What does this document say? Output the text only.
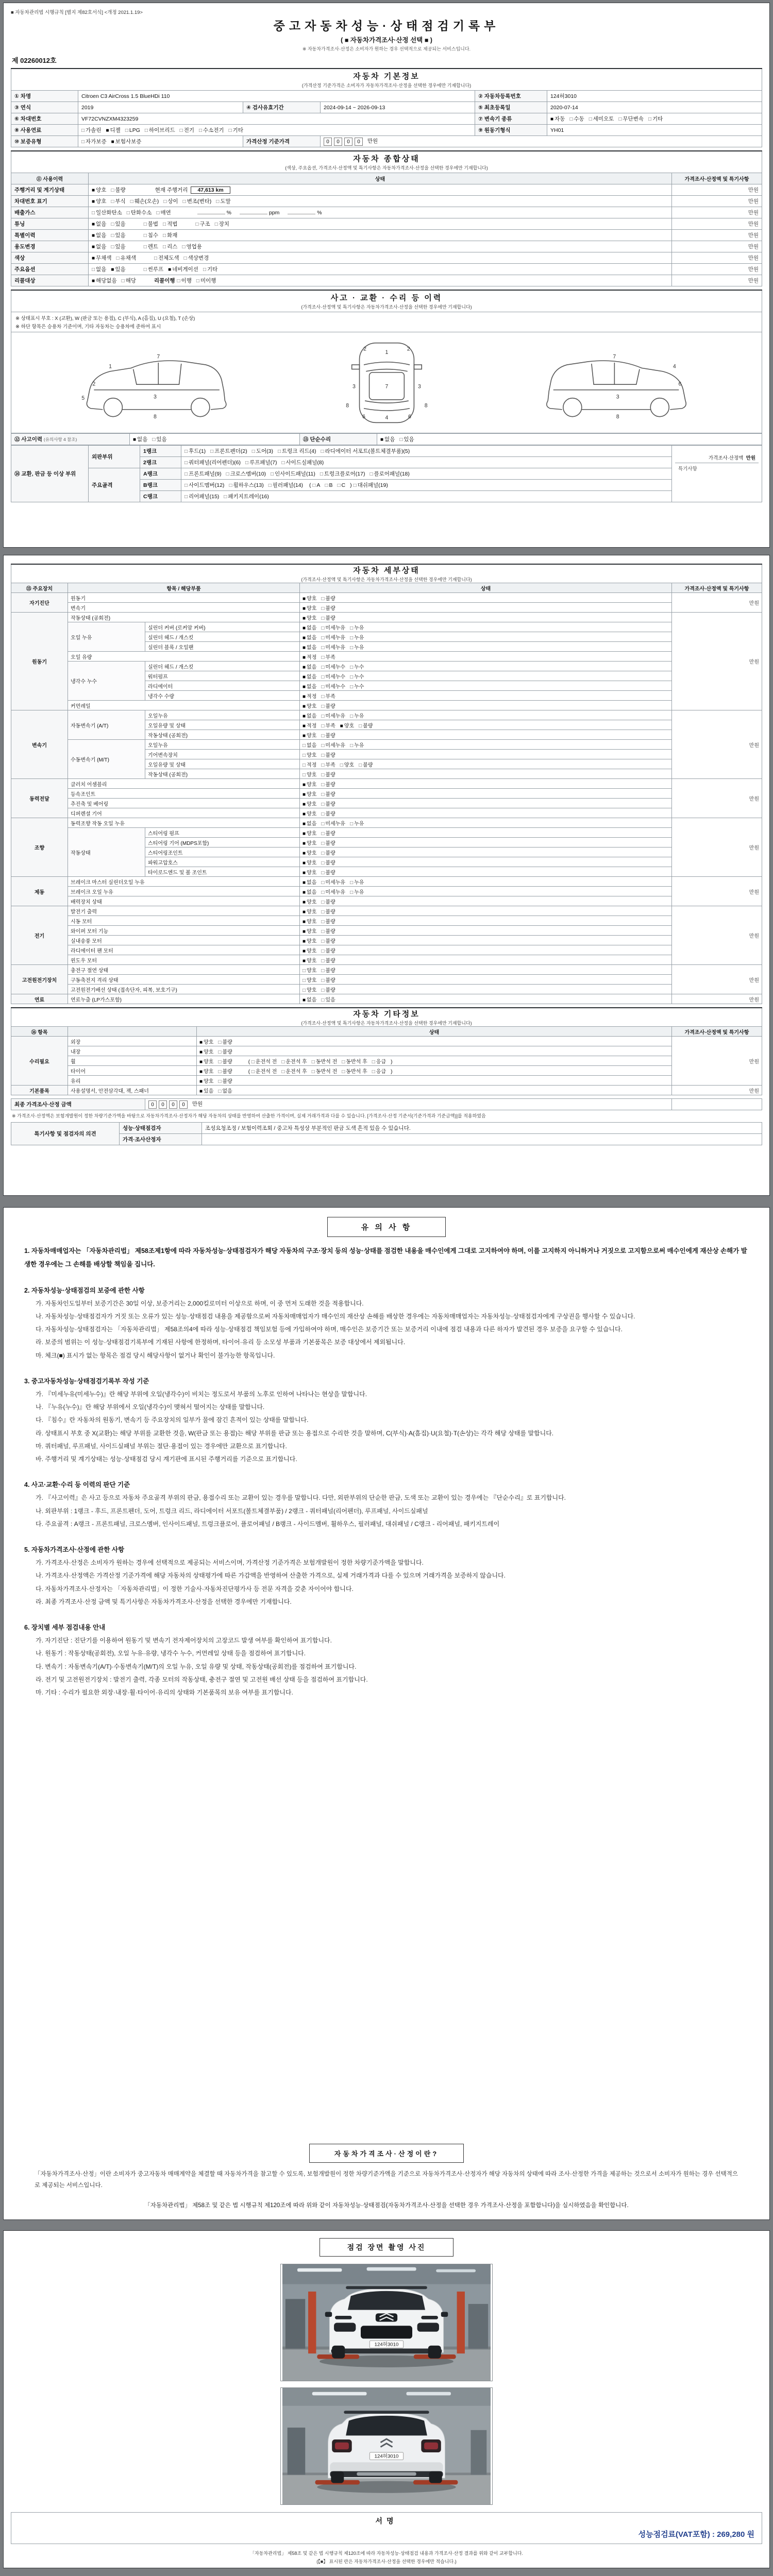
■ 자동차관리법 시행규칙 [별지 제82호서식] <개정 2021.1.19>
중고자동차성능·상태점검기록부
( ■ 자동차가격조사·산정 선택 ■ )
※ 자동차가격조사·산정은 소비자가 원하는 경우 선택적으로 제공되는 서비스입니다.
제 02260012호
자동차 기본정보
(가격산정 기준가격은 소비자가 자동차가격조사·산정을 선택한 경우에만 기재합니다)					

① 차명	Citroen C3 AirCross 1.5 BlueHDi 110			② 자동차등록번호	124허3010
③ 연식	2019	④ 검사유효기간	2024-09-14 ~ 2026-09-13	⑤ 최초등록일	2020-07-14
⑥ 차대번호	VF72CVNZXM4323259			⑦ 변속기 종류	■ 자동 □ 수동 □ 세미오토 □ 무단변속 □ 기타
⑧ 사용연료	□ 가솔린 ■ 디젤 □ LPG □ 하이브리드 □ 전기 □ 수소전기 □ 기타			⑨ 원동기형식	YH01
⑩ 보증유형	□ 자가보증 ■ 보험사보증	가격산정 기준가격	0 0 0 0 만원		
자동차 종합상태
(색상, 주요옵션, 가격조사·산정액 및 특기사항은 자동차가격조사·산정을 선택한 경우에만 기재합니다)		

⑪ 사용이력	상태	가격조사·산정액 및 특기사항
주행거리 및 계기상태	■ 양호 □ 불량 현재 주행거리 47,613 km	만원
차대번호 표기	■ 양호 □ 부식 □ 훼손(오손) □ 상이 □ 변조(변타) □ 도말	만원
배출가스	□ 일산화탄소 □ 탄화수소 □ 매연 % ppm %	만원
튜닝	■ 없음 □ 있음 □ 불법 □ 적법 □ 구조 □ 장치	만원
특별이력	■ 없음 □ 있음 □ 침수 □ 화재	만원
용도변경	■ 없음 □ 있음 □ 렌트 □ 리스 □ 영업용	만원
색상	■ 무채색 □ 유채색 □ 전체도색 □ 색상변경	만원
주요옵션	□ 없음 ■ 있음 □ 썬루프 ■ 네비게이션 □ 기타	만원
리콜대상	■ 해당없음 □ 해당 리콜이행 □ 이행 □ 미이행	만원
사고 · 교환 · 수리 등 이력
(가격조사·산정액 및 특기사항은 자동차가격조사·산정을 선택한 경우에만 기재합니다)
※ 상태표시 부호 : X (교환), W (판금 또는 용접), C (부식), A (흠집), U (요철), T (손상)
※ 하단 항목은 승용차 기준이며, 기타 자동차는 승용차에 준하여 표시
1
2
3
7
8
5
1
7
4
3	3
2	2
6	6
8	8
4
6
3
7
8
⑫ 사고이력 (유의사항 4 참조)	■ 없음 □ 있음	⑬ 단순수리	■ 없음 □ 있음
⑭ 교환, 판금 등 이상 부위	외판부위	1랭크	□ 후드(1) □ 프론트펜더(2) □ 도어(3) □ 트렁크 리드(4) □ 라디에이터 서포트(볼트체결부품)(5)	가격조사·산정액  만원
특기사항

		2랭크	□ 쿼터패널(리어펜더)(6) □ 루프패널(7) □ 사이드실패널(8)	
	주요골격	A랭크	□ 프론트패널(9) □ 크로스멤버(10) □ 인사이드패널(11) □ 트렁크플로어(17) □ 플로어패널(18)	
		B랭크	□ 사이드멤버(12) □ 휠하우스(13) □ 필러패널(14) ( □ A □ B □ C ) □ 대쉬패널(19)	
		C랭크	□ 리어패널(15) □ 패키지트레이(16)	
자동차 세부상태
(가격조사·산정액 및 특기사항은 자동차가격조사·산정을 선택한 경우에만 기재합니다)				

⑮ 주요장치	항목 / 해당부품		상태	가격조사·산정액 및 특기사항
자기진단	원동기		■ 양호 □ 불량	만원
	변속기		■ 양호 □ 불량	
원동기	작동상태 (공회전)		■ 양호 □ 불량	만원
	오일 누유	실린더 커버 (로커암 커버)	■ 없음 □ 미세누유 □ 누유	
		실린더 헤드 / 개스킷	■ 없음 □ 미세누유 □ 누유	
		실린더 블록 / 오일팬	■ 없음 □ 미세누유 □ 누유	
	오일 유량		■ 적정 □ 부족	
	냉각수 누수	실린더 헤드 / 개스킷	■ 없음 □ 미세누수 □ 누수	
		워터펌프	■ 없음 □ 미세누수 □ 누수	
		라디에이터	■ 없음 □ 미세누수 □ 누수	
		냉각수 수량	■ 적정 □ 부족	
	커먼레일		■ 양호 □ 불량	
변속기	자동변속기 (A/T)	오일누유	■ 없음 □ 미세누유 □ 누유	만원
		오일유량 및 상태	■ 적정 □ 부족 ■ 양호 □ 불량	
		작동상태 (공회전)	■ 양호 □ 불량	
	수동변속기 (M/T)	오일누유	□ 없음 □ 미세누유 □ 누유	
		기어변속장치	□ 양호 □ 불량	
		오일유량 및 상태	□ 적정 □ 부족 □ 양호 □ 불량	
		작동상태 (공회전)	□ 양호 □ 불량	
동력전달	클러치 어셈블리		■ 양호 □ 불량	만원
	등속조인트		■ 양호 □ 불량	
	추진축 및 베어링		■ 양호 □ 불량	
	디퍼렌셜 기어		■ 양호 □ 불량	
조향	동력조향 작동 오일 누유		■ 없음 □ 미세누유 □ 누유	만원
	작동상태	스티어링 펌프	■ 양호 □ 불량	
		스티어링 기어 (MDPS포함)	■ 양호 □ 불량	
		스티어링조인트	■ 양호 □ 불량	
		파워고압호스	■ 양호 □ 불량	
		타이로드엔드 및 볼 조인트	■ 양호 □ 불량	
제동	브레이크 마스터 실린더오일 누유		■ 없음 □ 미세누유 □ 누유	만원
	브레이크 오일 누유		■ 없음 □ 미세누유 □ 누유	
	배력장치 상태		■ 양호 □ 불량	
전기	발전기 출력		■ 양호 □ 불량	만원
	시동 모터		■ 양호 □ 불량	
	와이퍼 모터 기능		■ 양호 □ 불량	
	실내송풍 모터		■ 양호 □ 불량	
	라디에이터 팬 모터		■ 양호 □ 불량	
	윈도우 모터		■ 양호 □ 불량	
고전원전기장치	충전구 절연 상태		□ 양호 □ 불량	만원
	구동축전지 격리 상태		□ 양호 □ 불량	
	고전원전기배선 상태 (접속단자, 피복, 보호기구)		□ 양호 □ 불량	
연료	연료누출 (LP가스포함)		■ 없음 □ 있음	만원
자동차 기타정보
(가격조사·산정액 및 특기사항은 자동차가격조사·산정을 선택한 경우에만 기재합니다)			

⑯ 항목		상태	가격조사·산정액 및 특기사항
수리필요	외장	■ 양호 □ 불량	만원
	내장	■ 양호 □ 불량	
	휠	■ 양호 □ 불량 ( □ 운전석 전 □ 운전석 후 □ 동반석 전 □ 동반석 후 □ 응급 )	
	타이어	■ 양호 □ 불량 ( □ 운전석 전 □ 운전석 후 □ 동반석 전 □ 동반석 후 □ 응급 )	
	유리	■ 양호 □ 불량	
기본품목	사용설명서, 안전삼각대, 잭, 스패너	■ 있음 □ 없음	만원
최종 가격조사·산정 금액	0	0	0	0	만원	
※ 가격조사·산정액은 보험개발원이 정한 차량기준가액을 바탕으로 자동차가격조사·산정자가 해당 자동차의 상태를 반영하여 산출한 가격이며, 실제 거래가격과 다를 수 있습니다. [가격조사·산정 기준서(기준가격과 기준금액)]를 적용하였음
특기사항 및 점검자의 의견	성능·상태점검자	조성요청조정 / 보험이력조회 / 중고차 특성상 부분적인 판금 도색 흔적 있을 수 있습니다.
	가격·조사산정자	
유 의 사 항
1. 자동차매매업자는 「자동차관리법」 제58조제1항에 따라 자동차성능·상태점검자가 해당 자동차의 구조·장치 등의 성능·상태를 점검한 내용을 매수인에게 그대로 고지하여야 하며, 이를 고지하지 아니하거나 거짓으로 고지함으로써 매수인에게 재산상 손해가 발생한 경우에는 그 손해를 배상할 책임을 집니다.
2. 자동차성능·상태점검의 보증에 관한 사항
가. 자동차인도일부터 보증기간은 30일 이상, 보증거리는 2,000킬로미터 이상으로 하며, 이 중 먼저 도래한 것을 적용합니다.
나. 자동차성능·상태점검자가 거짓 또는 오류가 있는 성능·상태점검 내용을 제공함으로써 자동차매매업자가 매수인의 재산상 손해를 배상한 경우에는 자동차매매업자는 자동차성능·상태점검자에게 구상권을 행사할 수 있습니다.
다. 자동차성능·상태점검자는 「자동차관리법」 제58조의4에 따라 성능·상태점검 책임보험 등에 가입하여야 하며, 매수인은 보증기간 또는 보증거리 이내에 점검 내용과 다른 하자가 발견된 경우 보증을 요구할 수 있습니다.
라. 보증의 범위는 이 성능·상태점검기록부에 기재된 사항에 한정하며, 타이어·유리 등 소모성 부품과 기본품목은 보증 대상에서 제외됩니다.
마. 체크(■) 표시가 없는 항목은 점검 당시 해당사항이 없거나 확인이 불가능한 항목입니다.
3. 중고자동차성능·상태점검기록부 작성 기준
가. 『미세누유(미세누수)』란 해당 부위에 오일(냉각수)이 비치는 정도로서 부품의 노후로 인하여 나타나는 현상을 말합니다.
나. 『누유(누수)』란 해당 부위에서 오일(냉각수)이 맺혀서 떨어지는 상태를 말합니다.
다. 『침수』란 자동차의 원동기, 변속기 등 주요장치의 일부가 물에 잠긴 흔적이 있는 상태를 말합니다.
라. 상태표시 부호 중 X(교환)는 해당 부위를 교환한 것을, W(판금 또는 용접)는 해당 부위를 판금 또는 용접으로 수리한 것을 말하며, C(부식)·A(흠집)·U(요철)·T(손상)는 각각 해당 상태를 말합니다.
마. 쿼터패널, 루프패널, 사이드실패널 부위는 절단·용접이 있는 경우에만 교환으로 표기합니다.
바. 주행거리 및 계기상태는 성능·상태점검 당시 계기판에 표시된 주행거리를 기준으로 표기합니다.
4. 사고·교환·수리 등 이력의 판단 기준
가. 『사고이력』은 사고 등으로 자동차 주요골격 부위의 판금, 용접수리 또는 교환이 있는 경우를 말합니다. 다만, 외판부위의 단순한 판금, 도색 또는 교환이 있는 경우에는 『단순수리』로 표기합니다.
나. 외판부위 : 1랭크 - 후드, 프론트펜더, 도어, 트렁크 리드, 라디에이터 서포트(볼트체결부품) / 2랭크 - 쿼터패널(리어펜더), 루프패널, 사이드실패널
다. 주요골격 : A랭크 - 프론트패널, 크로스멤버, 인사이드패널, 트렁크플로어, 플로어패널 / B랭크 - 사이드멤버, 휠하우스, 필러패널, 대쉬패널 / C랭크 - 리어패널, 패키지트레이
5. 자동차가격조사·산정에 관한 사항
가. 가격조사·산정은 소비자가 원하는 경우에 선택적으로 제공되는 서비스이며, 가격산정 기준가격은 보험개발원이 정한 차량기준가액을 말합니다.
나. 가격조사·산정액은 가격산정 기준가격에 해당 자동차의 상태평가에 따른 가감액을 반영하여 산출한 가격으로, 실제 거래가격과 다를 수 있으며 거래가격을 보증하지 않습니다.
다. 자동차가격조사·산정자는 「자동차관리법」이 정한 기술사·자동차진단평가사 등 전문 자격을 갖춘 자이어야 합니다.
라. 최종 가격조사·산정 금액 및 특기사항은 자동차가격조사·산정을 선택한 경우에만 기재합니다.
6. 장치별 세부 점검내용 안내
가. 자기진단 : 진단기를 이용하여 원동기 및 변속기 전자제어장치의 고장코드 발생 여부를 확인하여 표기합니다.
나. 원동기 : 작동상태(공회전), 오일 누유·유량, 냉각수 누수, 커먼레일 상태 등을 점검하여 표기합니다.
다. 변속기 : 자동변속기(A/T)·수동변속기(M/T)의 오일 누유, 오일 유량 및 상태, 작동상태(공회전)를 점검하여 표기합니다.
라. 전기 및 고전원전기장치 : 발전기 출력, 각종 모터의 작동상태, 충전구 절연 및 고전원 배선 상태 등을 점검하여 표기합니다.
마. 기타 : 수리가 필요한 외장·내장·휠·타이어·유리의 상태와 기본품목의 보유 여부를 표기합니다.
자동차가격조사·산정이란?

「자동차가격조사·산정」이란 소비자가 중고자동차 매매계약을 체결할 때 자동차가격을 참고할 수 있도록, 보험개발원이 정한 차량기준가액을 기준으로 자동차가격조사·산정자가 해당 자동차의 상태에 따라 조사·산정한 가격을 제공하는 것으로서 소비자가 원하는 경우 선택적으로 제공되는 서비스입니다.

「자동차관리법」 제58조 및 같은 법 시행규칙 제120조에 따라 위와 같이 자동차성능·상태점검(자동차가격조사·산정을 선택한 경우 가격조사·산정을 포함합니다)을 실시하였음을 확인합니다.

점검 장면 촬영 사진
124허3010
124허3010
서명
성능점검료(VAT포함) : 269,280 원
「자동차관리법」 제58조 및 같은 법 시행규칙 제120조에 따라 자동차성능·상태점검 내용과 가격조사·산정 결과를 위와 같이 교부합니다.
(【■】 표시된 란은 자동차가격조사·산정을 선택한 경우에만 적습니다.)
